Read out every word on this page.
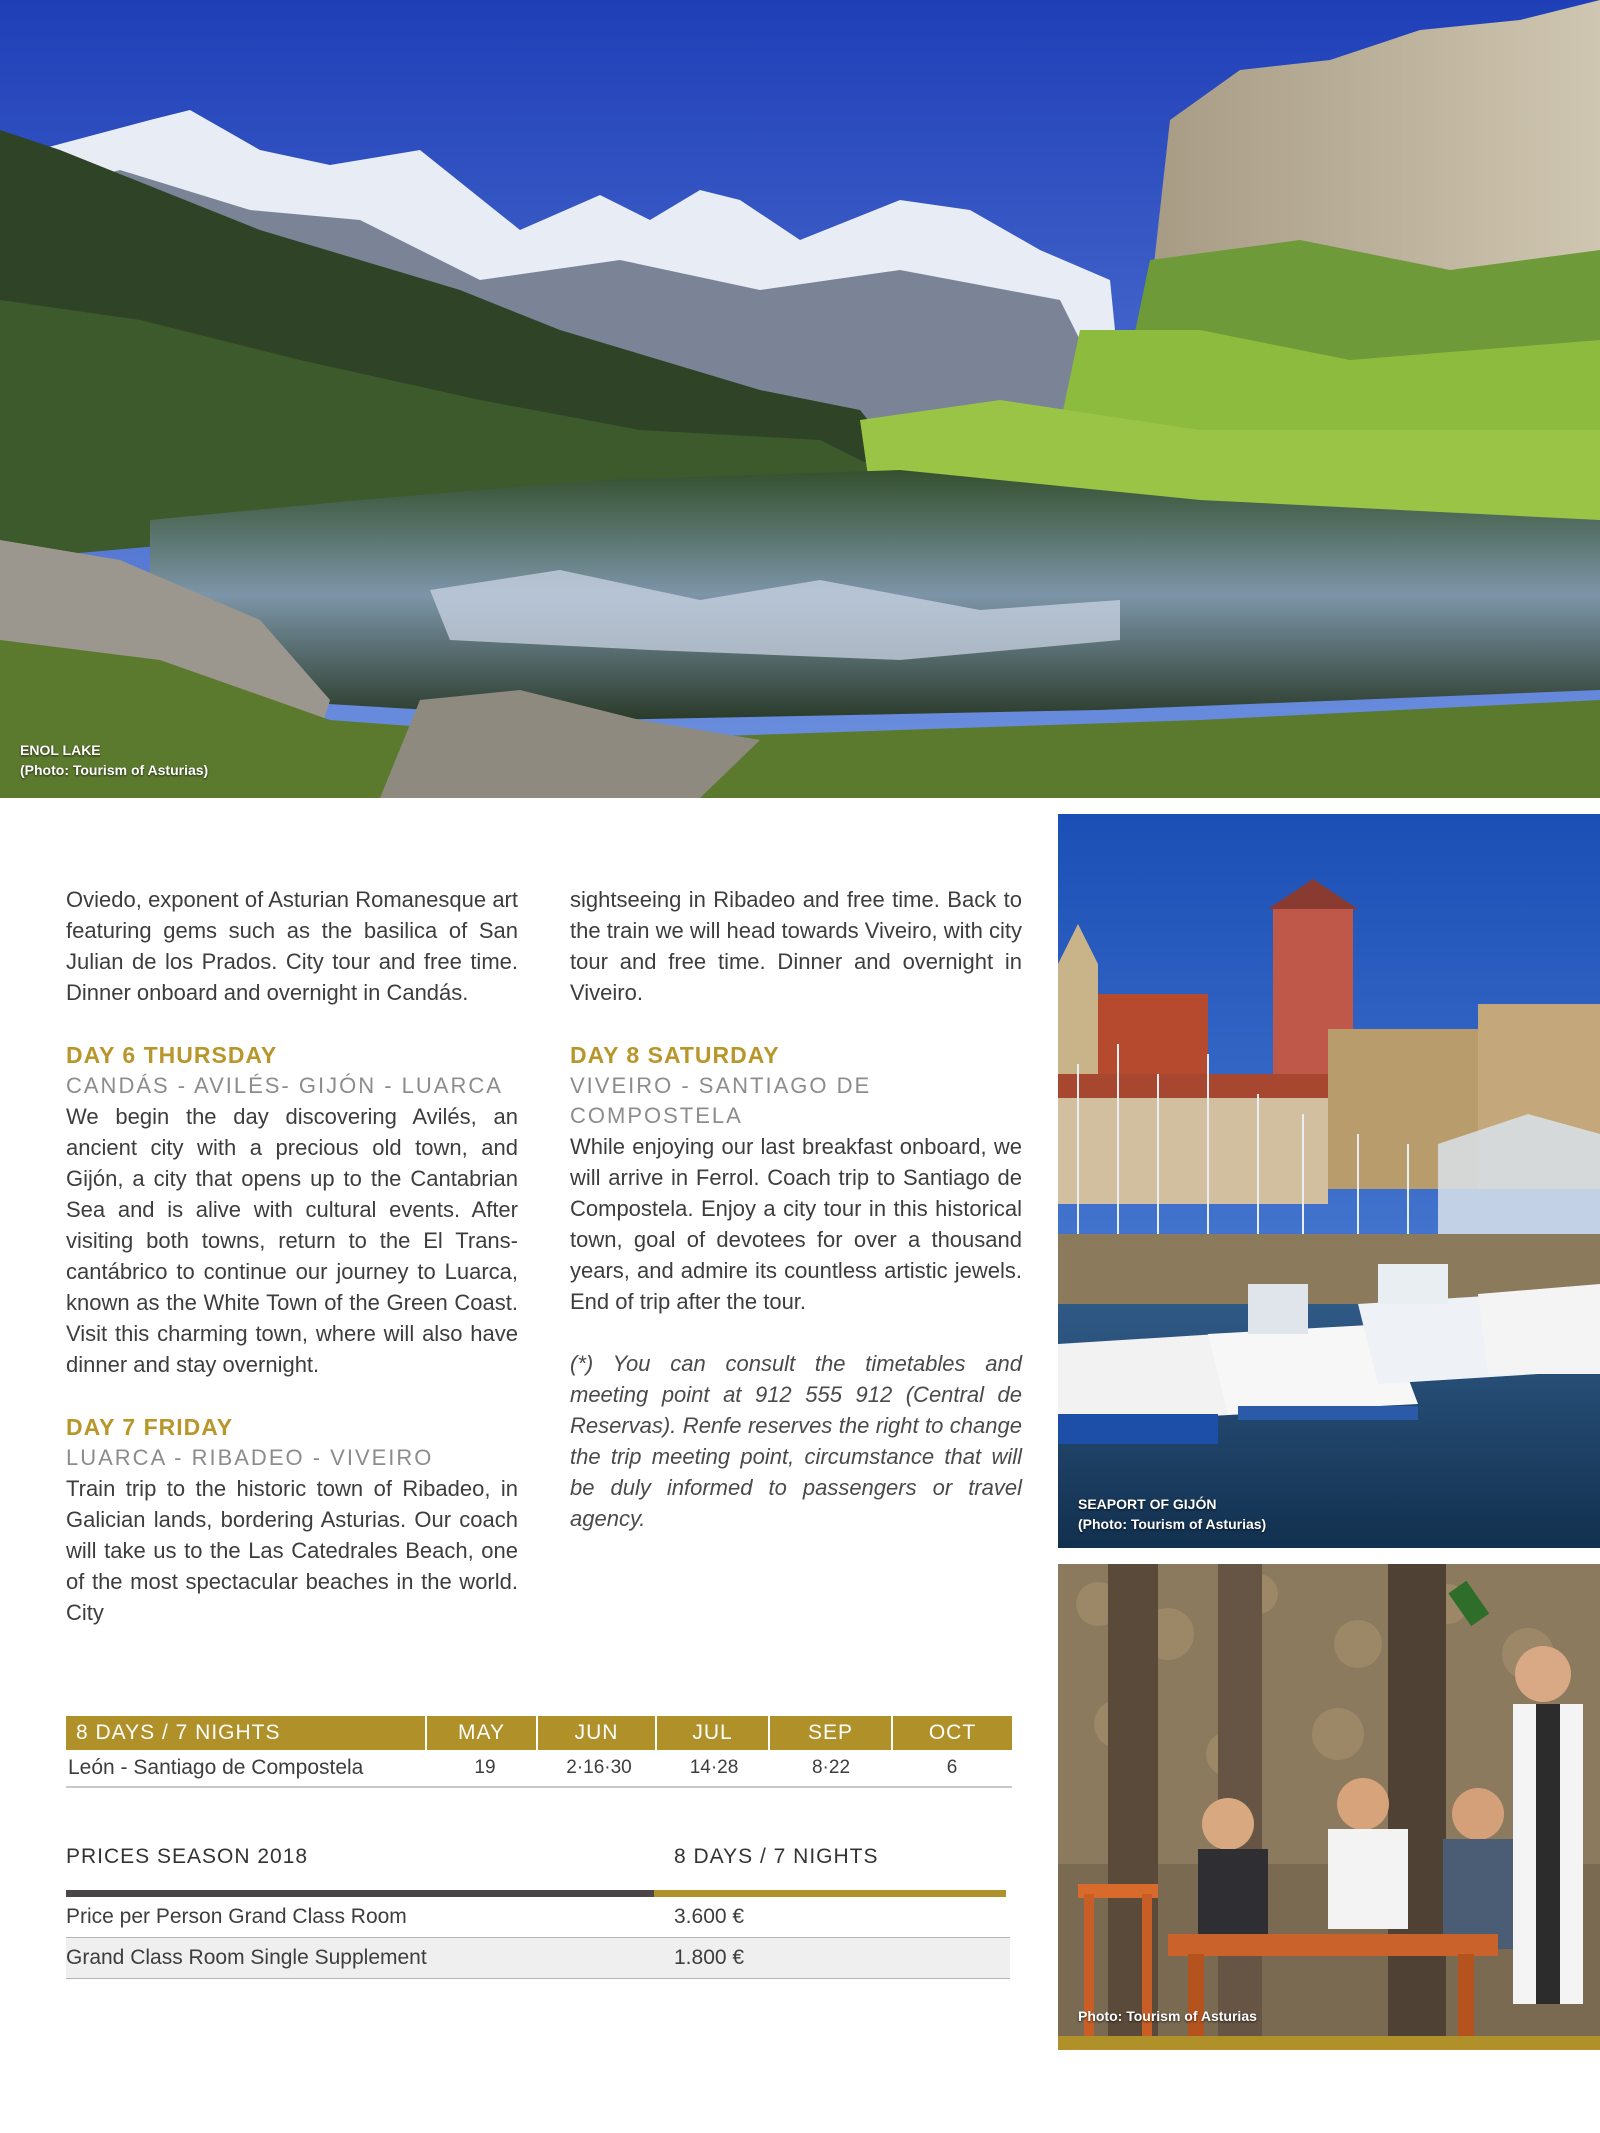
ENOL LAKE
(Photo: Tourism of Asturias)

Oviedo, exponent of Asturian Romanesque art featuring gems such as the basilica of San Julian de los Prados. City tour and free time. Dinner onboard and overnight in Candás.

DAY 6 THURSDAY
CANDÁS - AVILÉS- GIJÓN - LUARCA

We begin the day discovering Avilés, an ancient city with a precious old town, and Gijón, a city that opens up to the Cantabrian Sea and is alive with cultural events. After visiting both towns, return to the El Trans-cantábrico to continue our journey to Luarca, known as the White Town of the Green Coast. Visit this charming town, where will also have dinner and stay overnight.

DAY 7 FRIDAY
LUARCA - RIBADEO - VIVEIRO

Train trip to the historic town of Ribadeo, in Galician lands, bordering Asturias. Our coach will take us to the Las Catedrales Beach, one of the most spectacular beaches in the world. City

sightseeing in Ribadeo and free time. Back to the train we will head towards Viveiro, with city tour and free time. Dinner and overnight in Viveiro.

DAY 8 SATURDAY
VIVEIRO - SANTIAGO DE COMPOSTELA

While enjoying our last breakfast onboard, we will arrive in Ferrol. Coach trip to Santiago de Compostela. Enjoy a city tour in this historical town, goal of devotees for over a thousand years, and admire its countless artistic jewels. End of trip after the tour.

(*) You can consult the timetables and meeting point at 912 555 912 (Central de Reservas). Renfe reserves the right to change the trip meeting point, circumstance that will be duly informed to passengers or travel agency.

SEAPORT OF GIJÓN
(Photo: Tourism of Asturias)
Photo: Tourism of Asturias
8 DAYS / 7 NIGHTS	MAY	JUN	JUL	SEP	OCT
León - Santiago de Compostela	19	2·16·30	14·28	8·22	6
PRICES SEASON 2018	8 DAYS / 7 NIGHTS
Price per Person Grand Class Room	3.600 €
Grand Class Room Single Supplement	1.800 €
